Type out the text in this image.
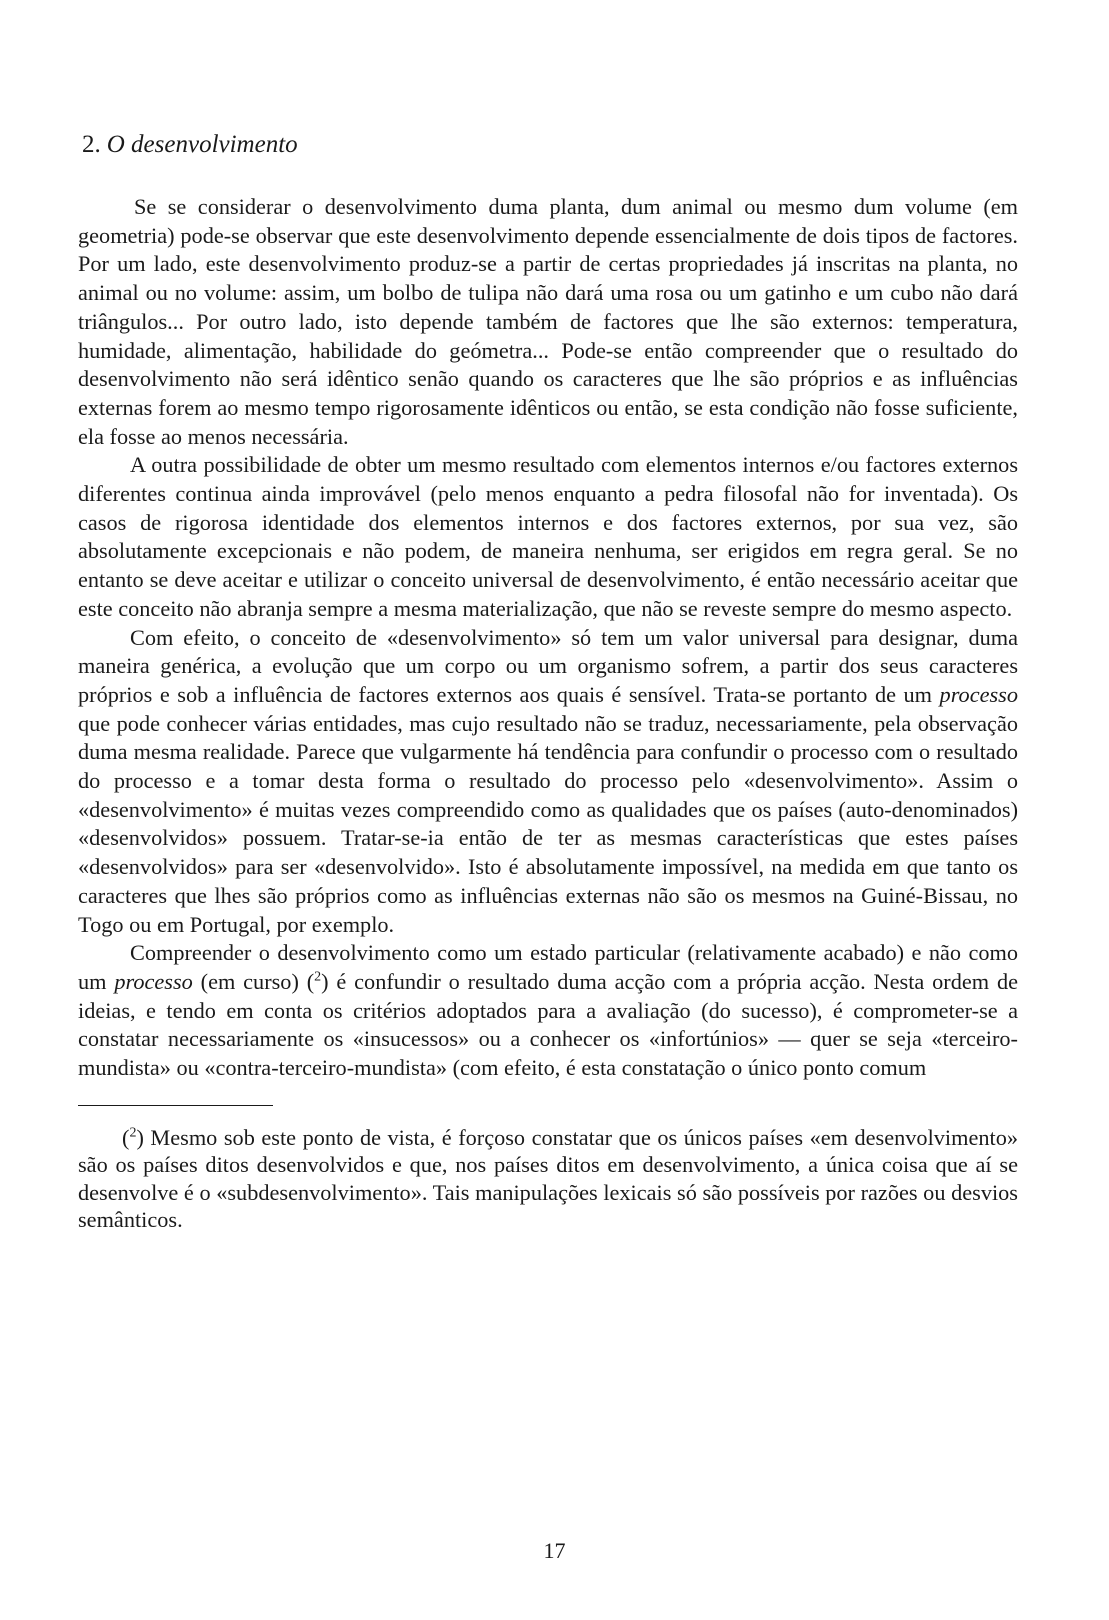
2. O desenvolvimento

Se se considerar o desenvolvimento duma planta, dum animal ou mesmo dum volume (em geometria) pode-se observar que este desenvolvimento depende essencialmente de dois tipos de factores. Por um lado, este desenvolvimento produz-se a partir de certas propriedades já inscritas na planta, no animal ou no volume: assim, um bolbo de tulipa não dará uma rosa ou um gatinho e um cubo não dará triângulos... Por outro lado, isto depende também de factores que lhe são externos: temperatura, humidade, alimentação, habilidade do geómetra... Pode-se então compreender que o resultado do desenvolvimento não será idêntico senão quando os caracteres que lhe são próprios e as influências externas forem ao mesmo tempo rigorosamente idênticos ou então, se esta condição não fosse suficiente, ela fosse ao menos necessária.

A outra possibilidade de obter um mesmo resultado com elementos internos e/ou factores externos diferentes continua ainda improvável (pelo menos enquanto a pedra filosofal não for inventada). Os casos de rigorosa identidade dos elementos internos e dos factores externos, por sua vez, são absolutamente excepcionais e não podem, de maneira nenhuma, ser erigidos em regra geral. Se no entanto se deve aceitar e utilizar o conceito universal de desenvolvimento, é então necessário aceitar que este conceito não abranja sempre a mesma materialização, que não se reveste sempre do mesmo aspecto.

Com efeito, o conceito de «desenvolvimento» só tem um valor universal para designar, duma maneira genérica, a evolução que um corpo ou um organismo sofrem, a partir dos seus caracteres próprios e sob a influência de factores externos aos quais é sensível. Trata-se portanto de um processo que pode conhecer várias entidades, mas cujo resultado não se traduz, necessariamente, pela observação duma mesma realidade. Parece que vulgarmente há tendência para confundir o processo com o resultado do processo e a tomar desta forma o resultado do processo pelo «desenvolvimento». Assim o «desenvolvimento» é muitas vezes compreendido como as qualidades que os países (auto-denominados) «desenvolvidos» possuem. Tratar-se-ia então de ter as mesmas características que estes países «desenvolvidos» para ser «desenvolvido». Isto é absolutamente impossível, na medida em que tanto os caracteres que lhes são próprios como as influências externas não são os mesmos na Guiné-Bissau, no Togo ou em Portugal, por exemplo.

Compreender o desenvolvimento como um estado particular (relativamente acabado) e não como um processo (em curso) ($^2$) é confundir o resultado duma acção com a própria acção. Nesta ordem de ideias, e tendo em conta os critérios adoptados para a avaliação (do sucesso), é comprometer-se a constatar necessariamente os «insucessos» ou a conhecer os «infortúnios» — quer se seja «terceiro-mundista» ou «contra-terceiro-mundista» (com efeito, é esta constatação o único ponto comum

($^2$) Mesmo sob este ponto de vista, é forçoso constatar que os únicos países «em desenvolvimento» são os países ditos desenvolvidos e que, nos países ditos em desenvolvimento, a única coisa que aí se desenvolve é o «subdesenvolvimento». Tais manipulações lexicais só são possíveis por razões ou desvios semânticos.

17
